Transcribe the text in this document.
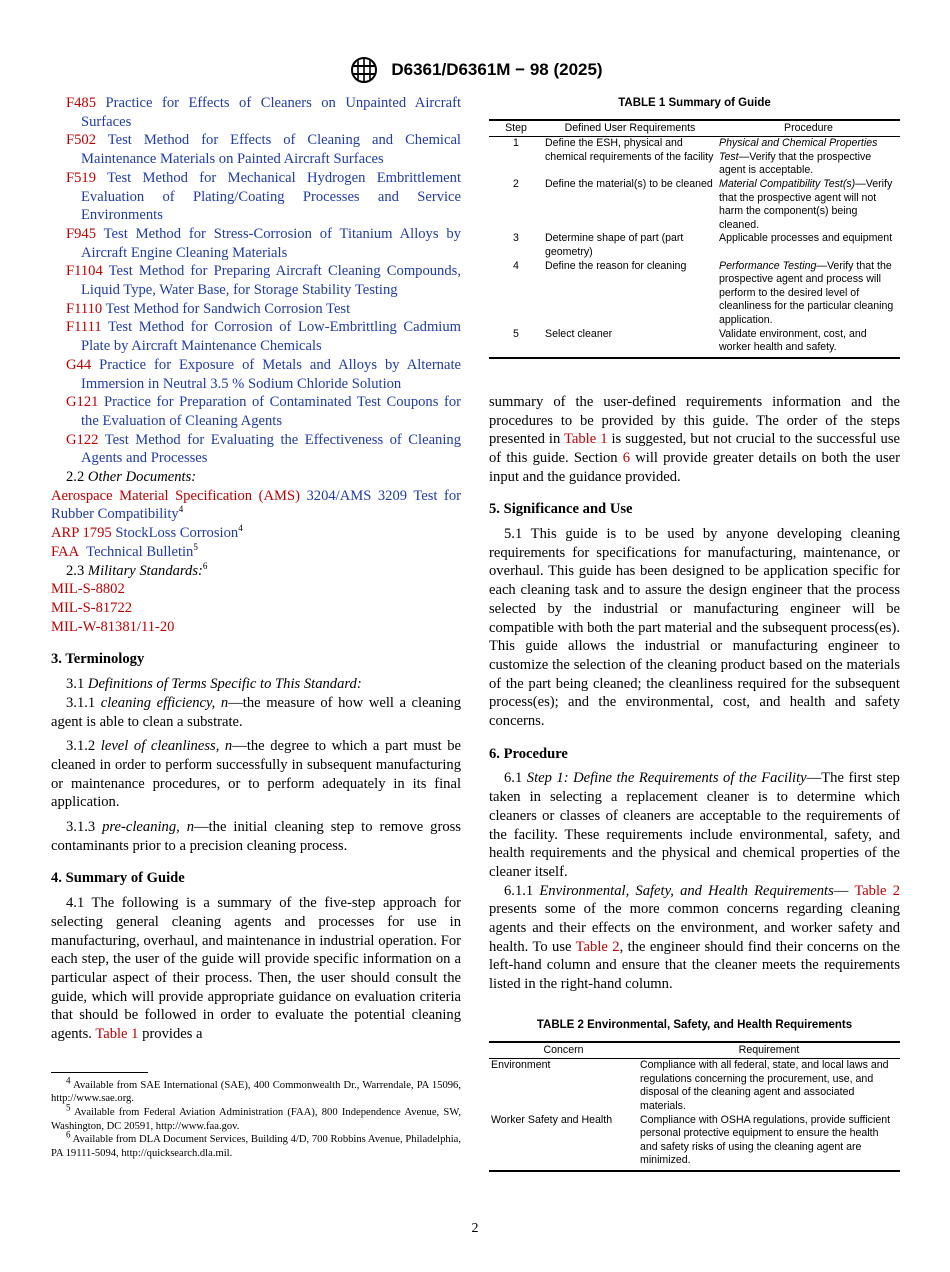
D6361/D6361M − 98 (2025)
F485 Practice for Effects of Cleaners on Unpainted Aircraft Surfaces
F502 Test Method for Effects of Cleaning and Chemical Maintenance Materials on Painted Aircraft Surfaces
F519 Test Method for Mechanical Hydrogen Embrittlement Evaluation of Plating/Coating Processes and Service Environments
F945 Test Method for Stress-Corrosion of Titanium Alloys by Aircraft Engine Cleaning Materials
F1104 Test Method for Preparing Aircraft Cleaning Compounds, Liquid Type, Water Base, for Storage Stability Testing
F1110 Test Method for Sandwich Corrosion Test
F1111 Test Method for Corrosion of Low-Embrittling Cadmium Plate by Aircraft Maintenance Chemicals
G44 Practice for Exposure of Metals and Alloys by Alternate Immersion in Neutral 3.5 % Sodium Chloride Solution
G121 Practice for Preparation of Contaminated Test Coupons for the Evaluation of Cleaning Agents
G122 Test Method for Evaluating the Effectiveness of Cleaning Agents and Processes

2.2 Other Documents:

Aerospace Material Specification (AMS) 3204/AMS 3209 Test for Rubber Compatibility$^4$

ARP 1795 StockLoss Corrosion$^4$

FAA Technical Bulletin$^5$

2.3 Military Standards:$^6$

MIL-S-8802

MIL-S-81722

MIL-W-81381/11-20

3. Terminology

3.1 Definitions of Terms Specific to This Standard:

3.1.1 cleaning efficiency, n—the measure of how well a cleaning agent is able to clean a substrate.

3.1.2 level of cleanliness, n—the degree to which a part must be cleaned in order to perform successfully in subsequent manufacturing or maintenance procedures, or to perform adequately in its final application.

3.1.3 pre-cleaning, n—the initial cleaning step to remove gross contaminants prior to a precision cleaning process.

4. Summary of Guide

4.1 The following is a summary of the five-step approach for selecting general cleaning agents and processes for use in manufacturing, overhaul, and maintenance in industrial operation. For each step, the user of the guide will provide specific information on a particular aspect of their process. Then, the user should consult the guide, which will provide appropriate guidance on evaluation criteria that should be followed in order to evaluate the potential cleaning agents. Table 1 provides a

$^4$ Available from SAE International (SAE), 400 Commonwealth Dr., Warrendale, PA 15096, http://www.sae.org.

$^5$ Available from Federal Aviation Administration (FAA), 800 Independence Avenue, SW, Washington, DC 20591, http://www.faa.gov.

$^6$ Available from DLA Document Services, Building 4/D, 700 Robbins Avenue, Philadelphia, PA 19111-5094, http://quicksearch.dla.mil.

TABLE 1 Summary of Guide
Step	Defined User Requirements	Procedure
1	Define the ESH, physical and chemical requirements of the facility	Physical and Chemical Properties Test—Verify that the prospective agent is acceptable.
2	Define the material(s) to be cleaned	Material Compatibility Test(s)—Verify that the prospective agent will not harm the component(s) being cleaned.
3	Determine shape of part (part geometry)	Applicable processes and equipment
4	Define the reason for cleaning	Performance Testing—Verify that the prospective agent and process will perform to the desired level of cleanliness for the particular cleaning application.
5	Select cleaner	Validate environment, cost, and worker health and safety.

summary of the user-defined requirements information and the procedures to be provided by this guide. The order of the steps presented in Table 1 is suggested, but not crucial to the successful use of this guide. Section 6 will provide greater details on both the user input and the guidance provided.

5. Significance and Use

5.1 This guide is to be used by anyone developing cleaning requirements for specifications for manufacturing, maintenance, or overhaul. This guide has been designed to be application specific for each cleaning task and to assure the design engineer that the process selected by the industrial or manufacturing engineer will be compatible with both the part material and the subsequent process(es). This guide allows the industrial or manufacturing engineer to customize the selection of the cleaning product based on the materials of the part being cleaned; the cleanliness required for the subsequent process(es); and the environmental, cost, and health and safety concerns.

6. Procedure

6.1 Step 1: Define the Requirements of the Facility—The first step taken in selecting a replacement cleaner is to determine which cleaners or classes of cleaners are acceptable to the requirements of the facility. These requirements include environmental, safety, and health requirements and the physical and chemical properties of the cleaner itself.

6.1.1 Environmental, Safety, and Health Requirements— Table 2 presents some of the more common concerns regarding cleaning agents and their effects on the environment, and worker safety and health. To use Table 2, the engineer should find their concerns on the left-hand column and ensure that the cleaner meets the requirements listed in the right-hand column.

TABLE 2 Environmental, Safety, and Health Requirements
Concern	Requirement
Environment	Compliance with all federal, state, and local laws and regulations concerning the procurement, use, and disposal of the cleaning agent and associated materials.
Worker Safety and Health	Compliance with OSHA regulations, provide sufficient personal protective equipment to ensure the health and safety risks of using the cleaning agent are minimized.
2
